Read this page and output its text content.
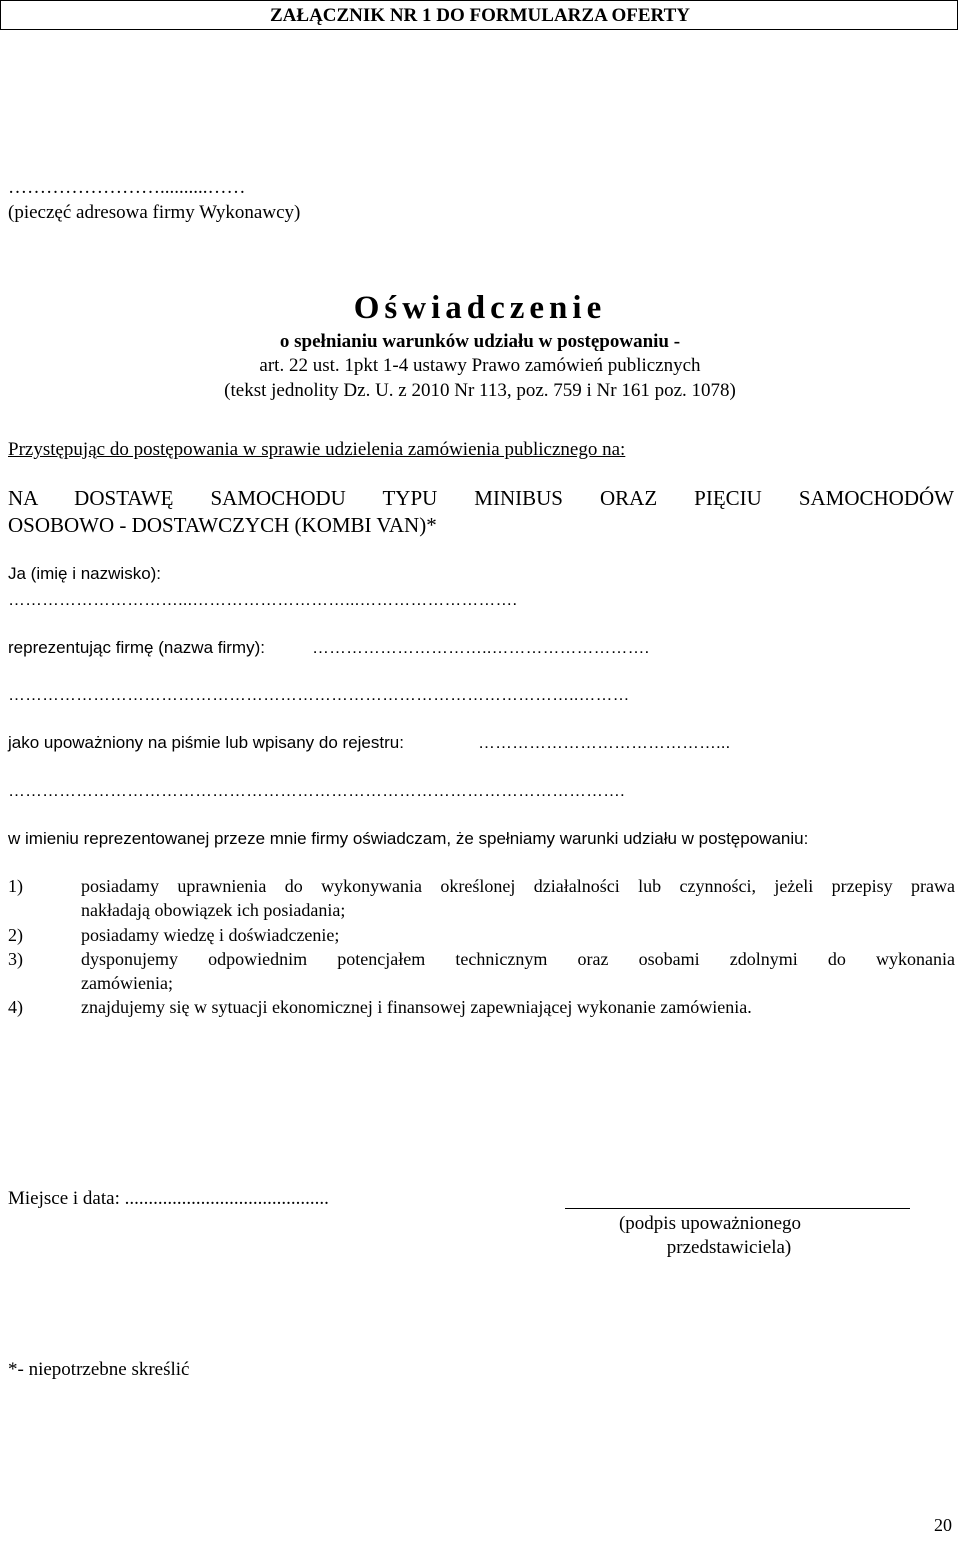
ZAŁĄCZNIK NR 1 DO FORMULARZA OFERTY
……………………..........……
(pieczęć adresowa firmy Wykonawcy)
Oświadczenie
o spełnianiu warunków udziału w postępowaniu -
art. 22 ust. 1pkt 1-4 ustawy Prawo zamówień publicznych
(tekst jednolity Dz. U. z 2010 Nr 113, poz. 759 i Nr 161 poz. 1078)
Przystępując do postępowania w sprawie udzielenia zamówienia publicznego na:
NA DOSTAWĘ SAMOCHODU TYPU MINIBUS ORAZ PIĘCIU SAMOCHODÓW
OSOBOWO - DOSTAWCZYCH (KOMBI VAN)*
Ja (imię i nazwisko):
…………………………...………………………...……………………….
reprezentując firmę (nazwa firmy):	…………………………..……………………….
………………………………………………………………………………………..………
jako upoważniony na piśmie lub wpisany do rejestru:	……………………………………...
……………………………………………………………………………………………….
w imieniu reprezentowanej przeze mnie firmy oświadczam, że spełniamy warunki udziału w postępowaniu:
1)	posiadamy uprawnienia do wykonywania określonej działalności lub czynności, jeżeli przepisy prawa
nakładają obowiązek ich posiadania;
2)	posiadamy wiedzę i doświadczenie;
3)	dysponujemy odpowiednim potencjałem technicznym oraz osobami zdolnymi do wykonania
zamówienia;
4)	znajdujemy się w sytuacji ekonomicznej i finansowej zapewniającej wykonanie zamówienia.
Miejsce i data: ...........................................
(podpis upoważnionego
przedstawiciela)
*- niepotrzebne skreślić
20
